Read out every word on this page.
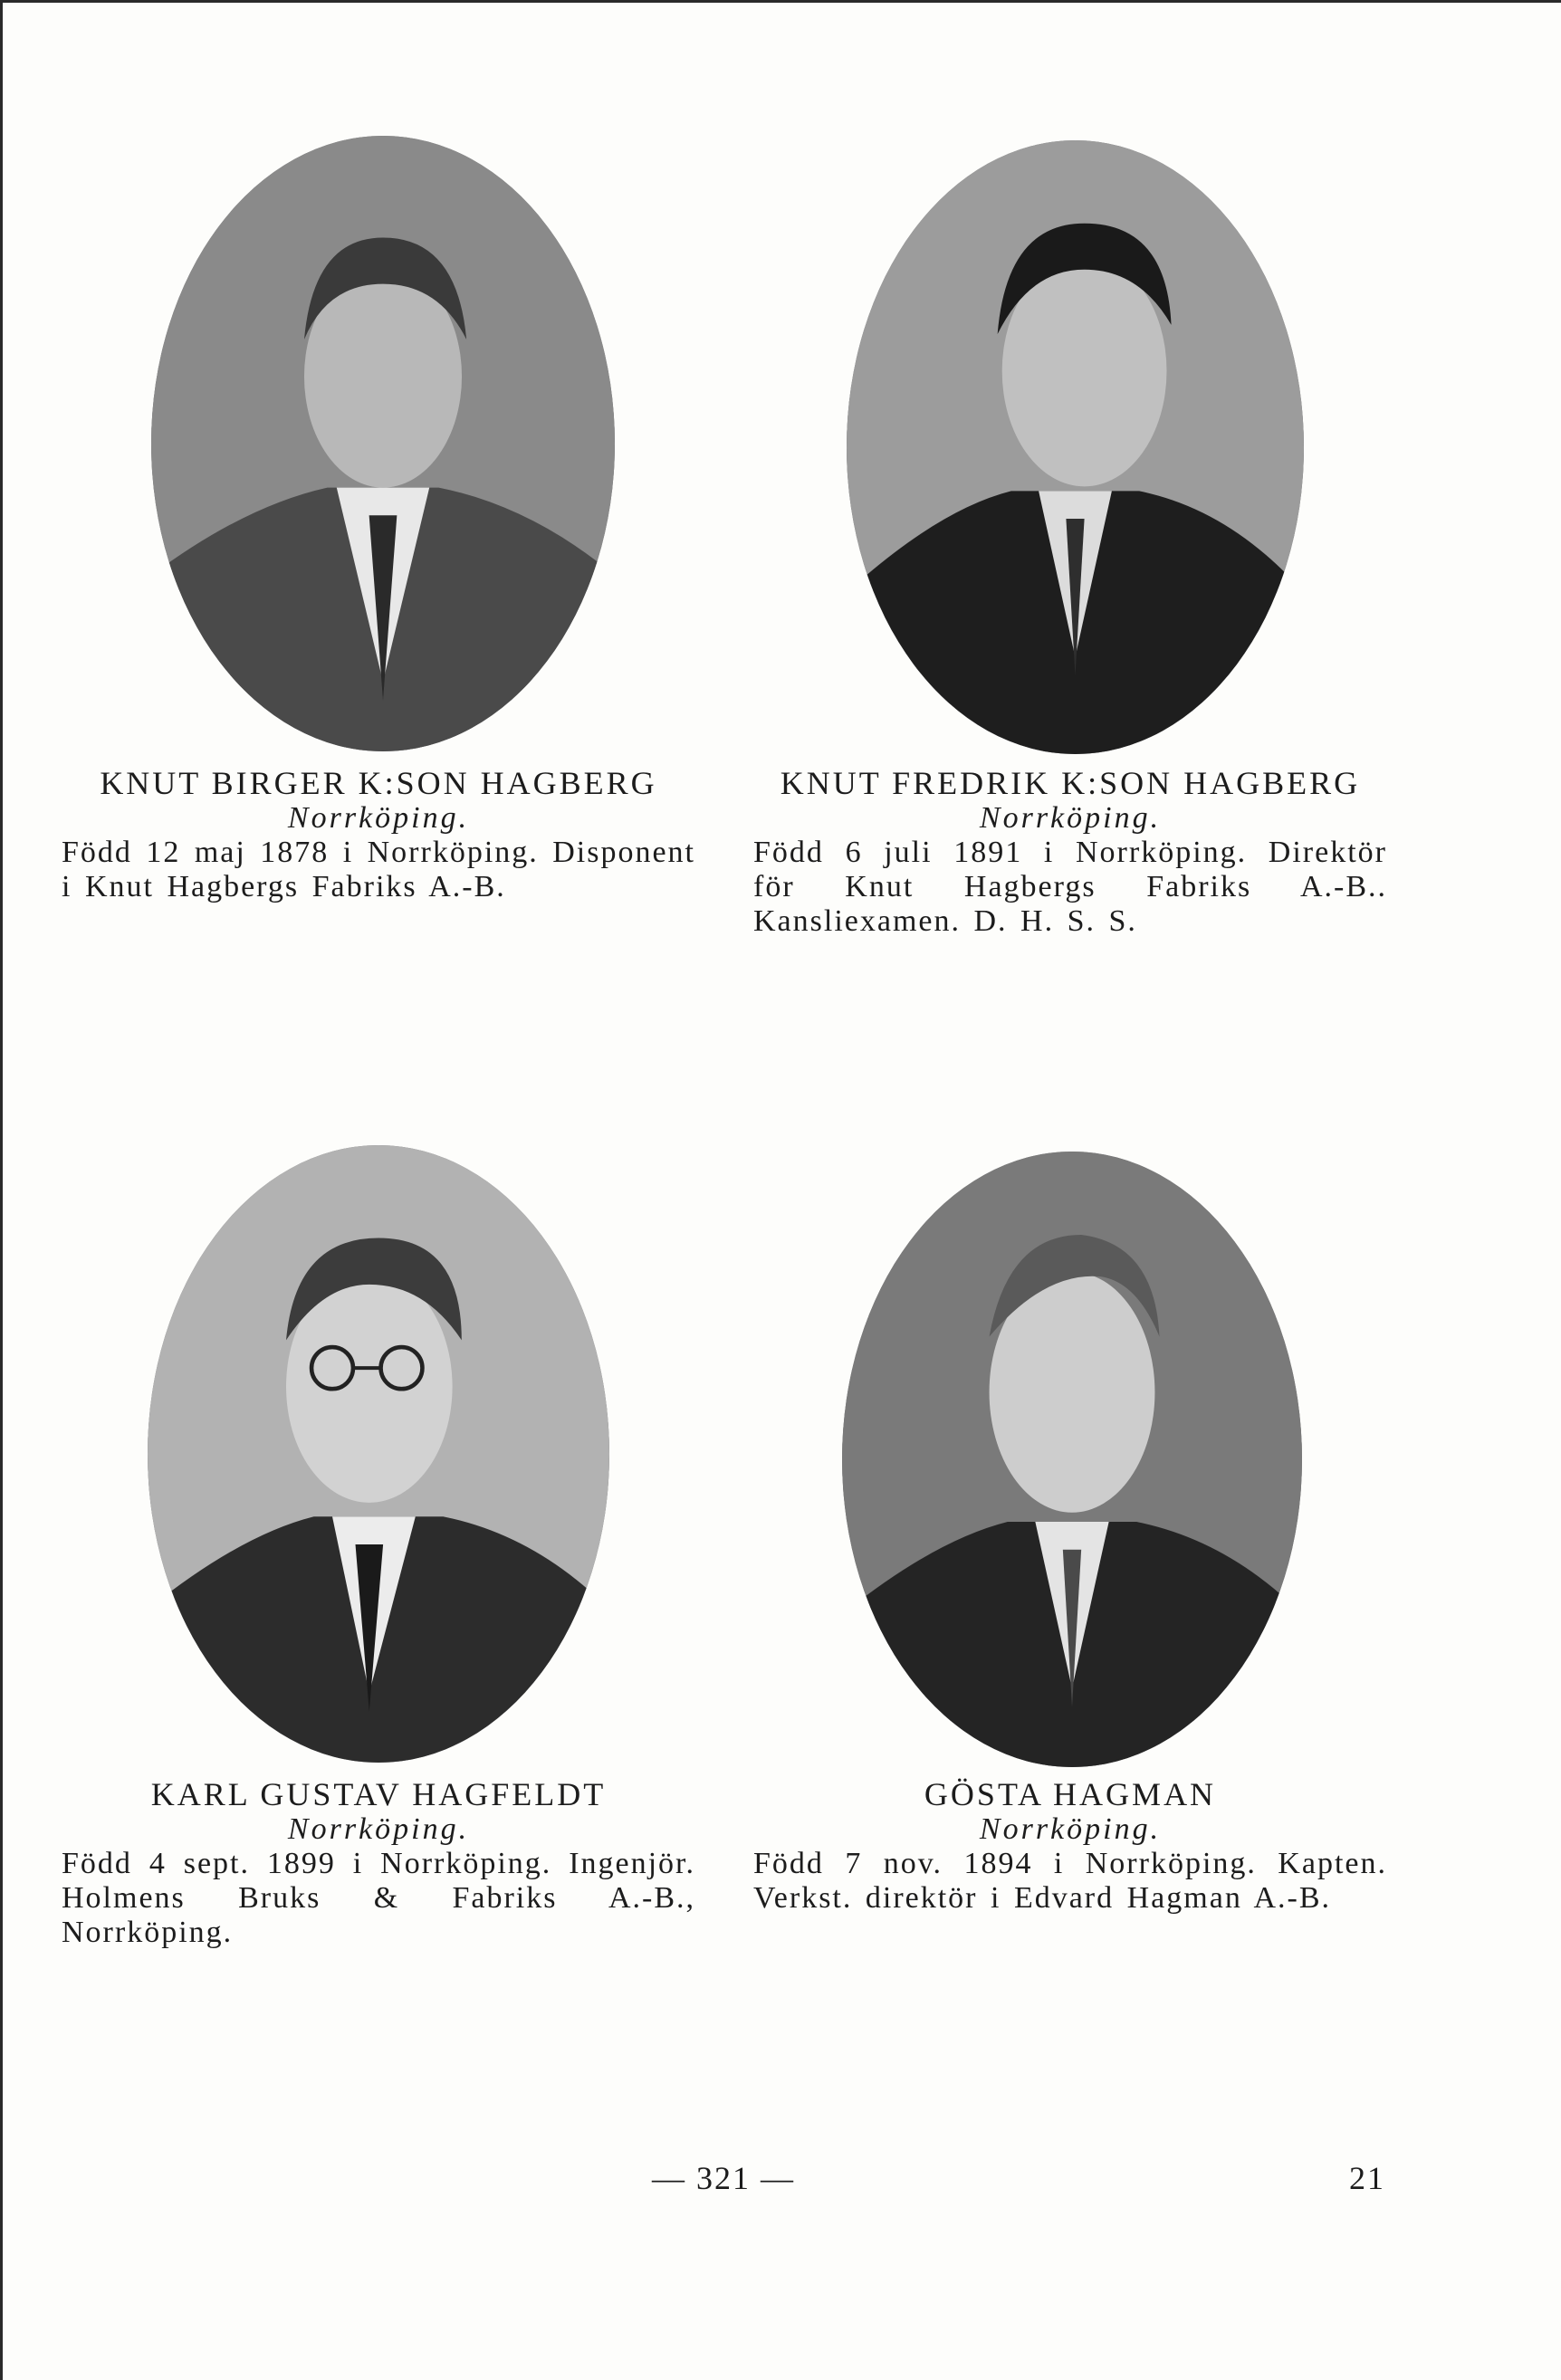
KNUT BIRGER K:SON HAGBERG
Norrköping.
Född 12 maj 1878 i Norrköping. Disponent i Knut Hagbergs Fabriks A.-B.
KNUT FREDRIK K:SON HAGBERG
Norrköping.
Född 6 juli 1891 i Norrköping. Direktör för Knut Hagbergs Fabriks A.-B.. Kansliexamen. D. H. S. S.
KARL GUSTAV HAGFELDT
Norrköping.
Född 4 sept. 1899 i Norrköping. Ingenjör. Holmens Bruks & Fabriks A.-B., Norrköping.
GÖSTA HAGMAN
Norrköping.
Född 7 nov. 1894 i Norrköping. Kapten. Verkst. direktör i Edvard Hagman A.-B.
— 321 —	21
